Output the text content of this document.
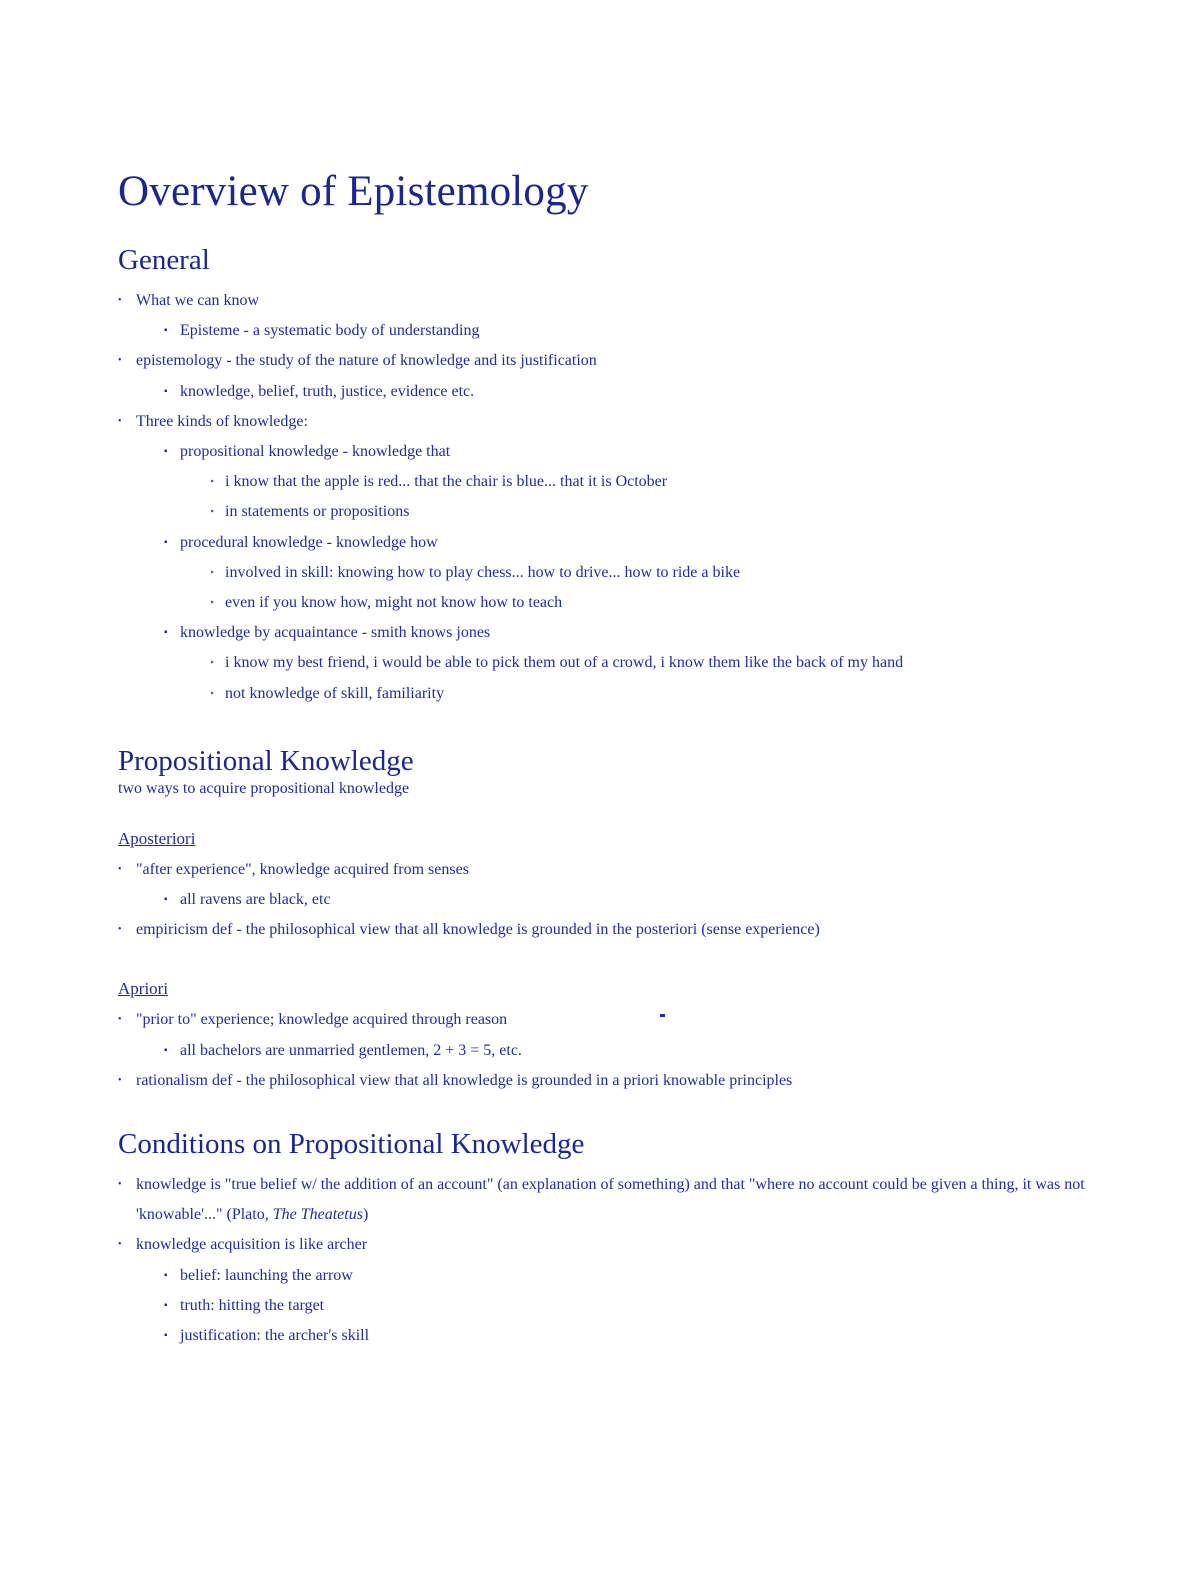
Overview of Epistemology
General
• What we can know
▪ Episteme - a systematic body of understanding
• epistemology - the study of the nature of knowledge and its justification
▪ knowledge, belief, truth, justice, evidence etc.
• Three kinds of knowledge:
▪ propositional knowledge - knowledge that
‣ i know that the apple is red... that the chair is blue... that it is October
‣ in statements or propositions
▪ procedural knowledge - knowledge how
‣ involved in skill: knowing how to play chess... how to drive... how to ride a bike
‣ even if you know how, might not know how to teach
▪ knowledge by acquaintance - smith knows jones
‣ i know my best friend, i would be able to pick them out of a crowd, i know them like the back of my hand
‣ not knowledge of skill, familiarity
Propositional Knowledge

two ways to acquire propositional knowledge

Aposteriori
• "after experience", knowledge acquired from senses
▪ all ravens are black, etc
• empiricism def - the philosophical view that all knowledge is grounded in the posteriori (sense experience)
Apriori
• "prior to" experience; knowledge acquired through reason
▪ all bachelors are unmarried gentlemen, 2 + 3 = 5, etc.
• rationalism def - the philosophical view that all knowledge is grounded in a priori knowable principles
Conditions on Propositional Knowledge
• knowledge is "true belief w/ the addition of an account" (an explanation of something) and that "where no account could be given a thing, it was not 'knowable'..." (Plato, The Theatetus)
• knowledge acquisition is like archer
▪ belief: launching the arrow
▪ truth: hitting the target
▪ justification: the archer's skill
